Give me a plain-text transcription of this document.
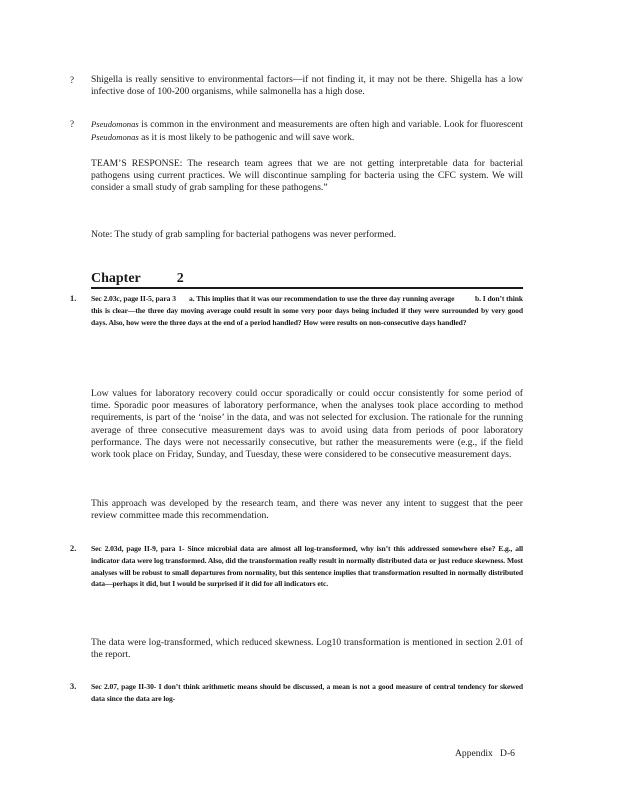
? Shigella is really sensitive to environmental factors—if not finding it, it may not be there. Shigella has a low infective dose of 100-200 organisms, while salmonella has a high dose.
? Pseudomonas is common in the environment and measurements are often high and variable. Look for fluorescent Pseudomonas as it is most likely to be pathogenic and will save work.
TEAM’S RESPONSE: The research team agrees that we are not getting interpretable data for bacterial pathogens using current practices. We will discontinue sampling for bacteria using the CFC system. We will consider a small study of grab sampling for these pathogens.”
Note: The study of grab sampling for bacterial pathogens was never performed.
Chapter	2
1. Sec 2.03c, page II-5, para 3       a. This implies that it was our recommendation to use the three day running average           b. I don’t think this is clear—the three day moving average could result in some very poor days being included if they were surrounded by very good days. Also, how were the three days at the end of a period handled? How were results on non-consecutive days handled?
Low values for laboratory recovery could occur sporadically or could occur consistently for some period of time. Sporadic poor measures of laboratory performance, when the analyses took place according to method requirements, is part of the ‘noise’ in the data, and was not selected for exclusion. The rationale for the running average of three consecutive measurement days was to avoid using data from periods of poor laboratory performance. The days were not necessarily consecutive, but rather the measurements were (e.g., if the field work took place on Friday, Sunday, and Tuesday, these were considered to be consecutive measurement days.
This approach was developed by the research team, and there was never any intent to suggest that the peer review committee made this recommendation.
2. Sec 2.03d, page II-9, para 1- Since microbial data are almost all log-transformed, why isn’t this addressed somewhere else? E.g., all indicator data were log transformed. Also, did the transformation really result in normally distributed data or just reduce skewness. Most analyses will be robust to small departures from normality, but this sentence implies that transformation resulted in normally distributed data—perhaps it did, but I would be surprised if it did for all indicators etc.
The data were log-transformed, which reduced skewness. Log10 transformation is mentioned in section 2.01 of the report.
3. Sec 2.07, page II-30- I don’t think arithmetic means should be discussed, a mean is not a good measure of central tendency for skewed data since the data are log-
Appendix   D-6
